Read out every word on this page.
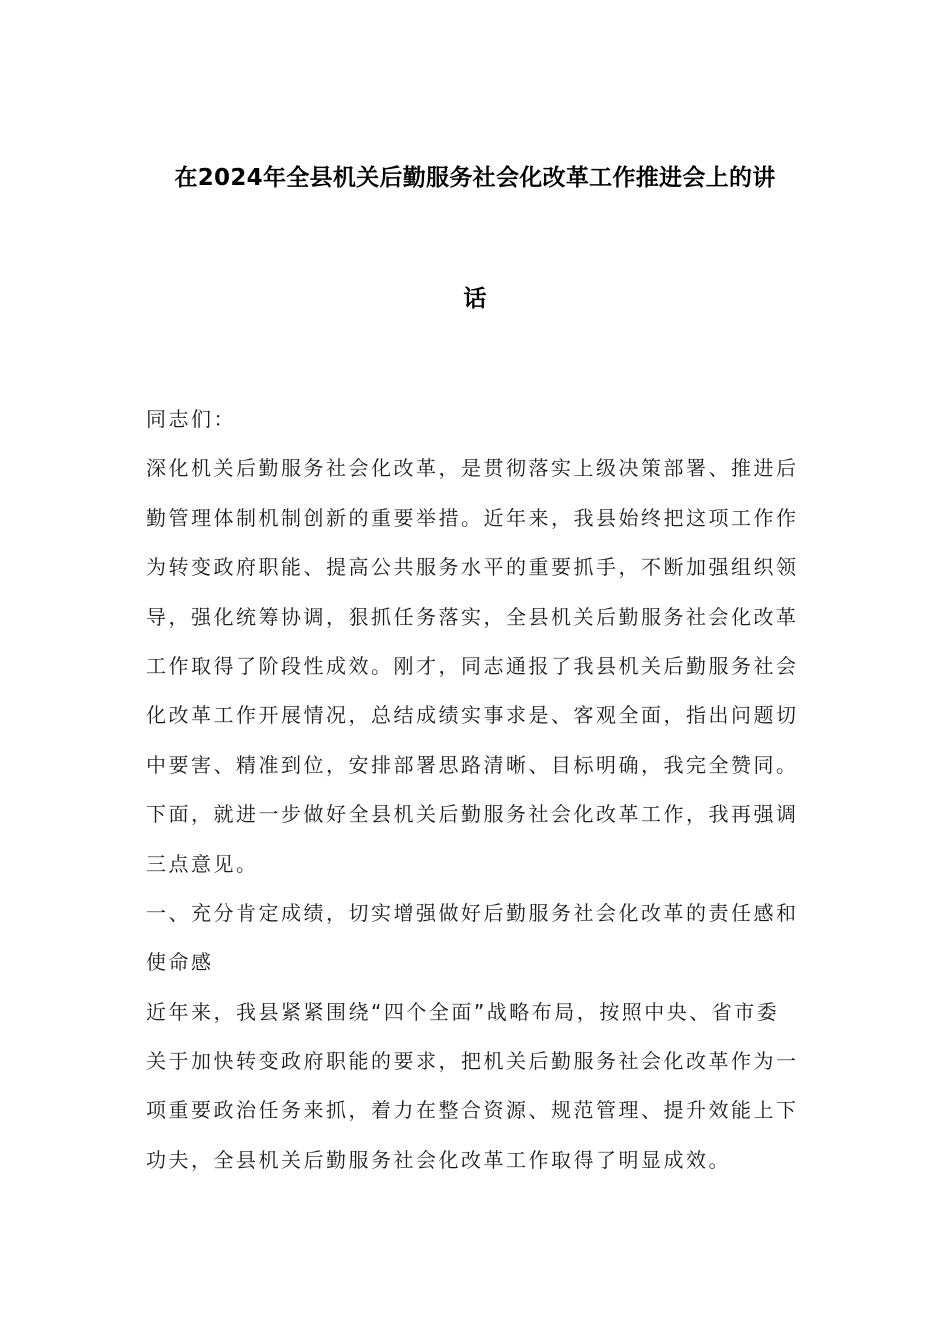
在2024年全县机关后勤服务社会化改革工作推进会上的讲
话
同志们：
深化机关后勤服务社会化改革，是贯彻落实上级决策部署、推进后
勤管理体制机制创新的重要举措。近年来，我县始终把这项工作作
为转变政府职能、提高公共服务水平的重要抓手，不断加强组织领
导，强化统筹协调，狠抓任务落实，全县机关后勤服务社会化改革
工作取得了阶段性成效。刚才，同志通报了我县机关后勤服务社会
化改革工作开展情况，总结成绩实事求是、客观全面，指出问题切
中要害、精准到位，安排部署思路清晰、目标明确，我完全赞同。
下面，就进一步做好全县机关后勤服务社会化改革工作，我再强调
三点意见。
一、充分肯定成绩，切实增强做好后勤服务社会化改革的责任感和
使命感
近年来，我县紧紧围绕“四个全面”战略布局，按照中央、省市委
关于加快转变政府职能的要求，把机关后勤服务社会化改革作为一
项重要政治任务来抓，着力在整合资源、规范管理、提升效能上下
功夫，全县机关后勤服务社会化改革工作取得了明显成效。
